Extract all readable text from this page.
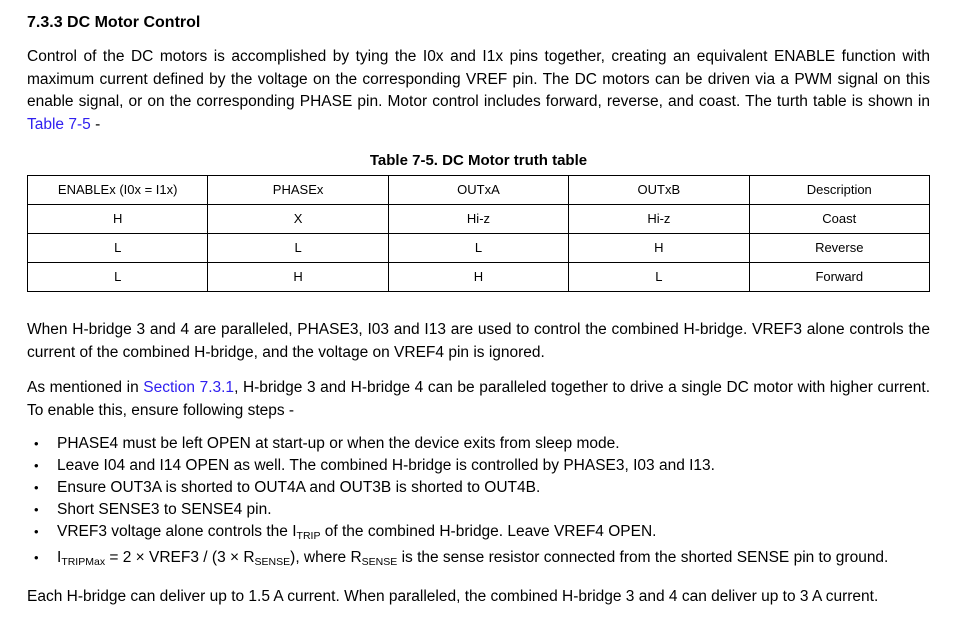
7.3.3 DC Motor Control

Control of the DC motors is accomplished by tying the I0x and I1x pins together, creating an equivalent ENABLE function with maximum current defined by the voltage on the corresponding VREF pin. The DC motors can be driven via a PWM signal on this enable signal, or on the corresponding PHASE pin. Motor control includes forward, reverse, and coast. The turth table is shown in Table 7-5 -

Table 7-5. DC Motor truth table
ENABLEx (I0x = I1x)	PHASEx	OUTxA	OUTxB	Description
H	X	Hi-z	Hi-z	Coast
L	L	L	H	Reverse
L	H	H	L	Forward

When H-bridge 3 and 4 are paralleled, PHASE3, I03 and I13 are used to control the combined H-bridge. VREF3 alone controls the current of the combined H-bridge, and the voltage on VREF4 pin is ignored.

As mentioned in Section 7.3.1, H-bridge 3 and H-bridge 4 can be paralleled together to drive a single DC motor with higher current. To enable this, ensure following steps -

• PHASE4 must be left OPEN at start-up or when the device exits from sleep mode.
• Leave I04 and I14 OPEN as well. The combined H-bridge is controlled by PHASE3, I03 and I13.
• Ensure OUT3A is shorted to OUT4A and OUT3B is shorted to OUT4B.
• Short SENSE3 to SENSE4 pin.
• VREF3 voltage alone controls the $I_{TRIP}$ of the combined H-bridge. Leave VREF4 OPEN.
• $I_{TRIPMax} = 2$ × VREF3 / $(3 \times R_{SENSE})$, where $R_{SENSE}$ is the sense resistor connected from the shorted SENSE pin to ground.

Each H-bridge can deliver up to 1.5 A current. When paralleled, the combined H-bridge 3 and 4 can deliver up to 3 A current.
